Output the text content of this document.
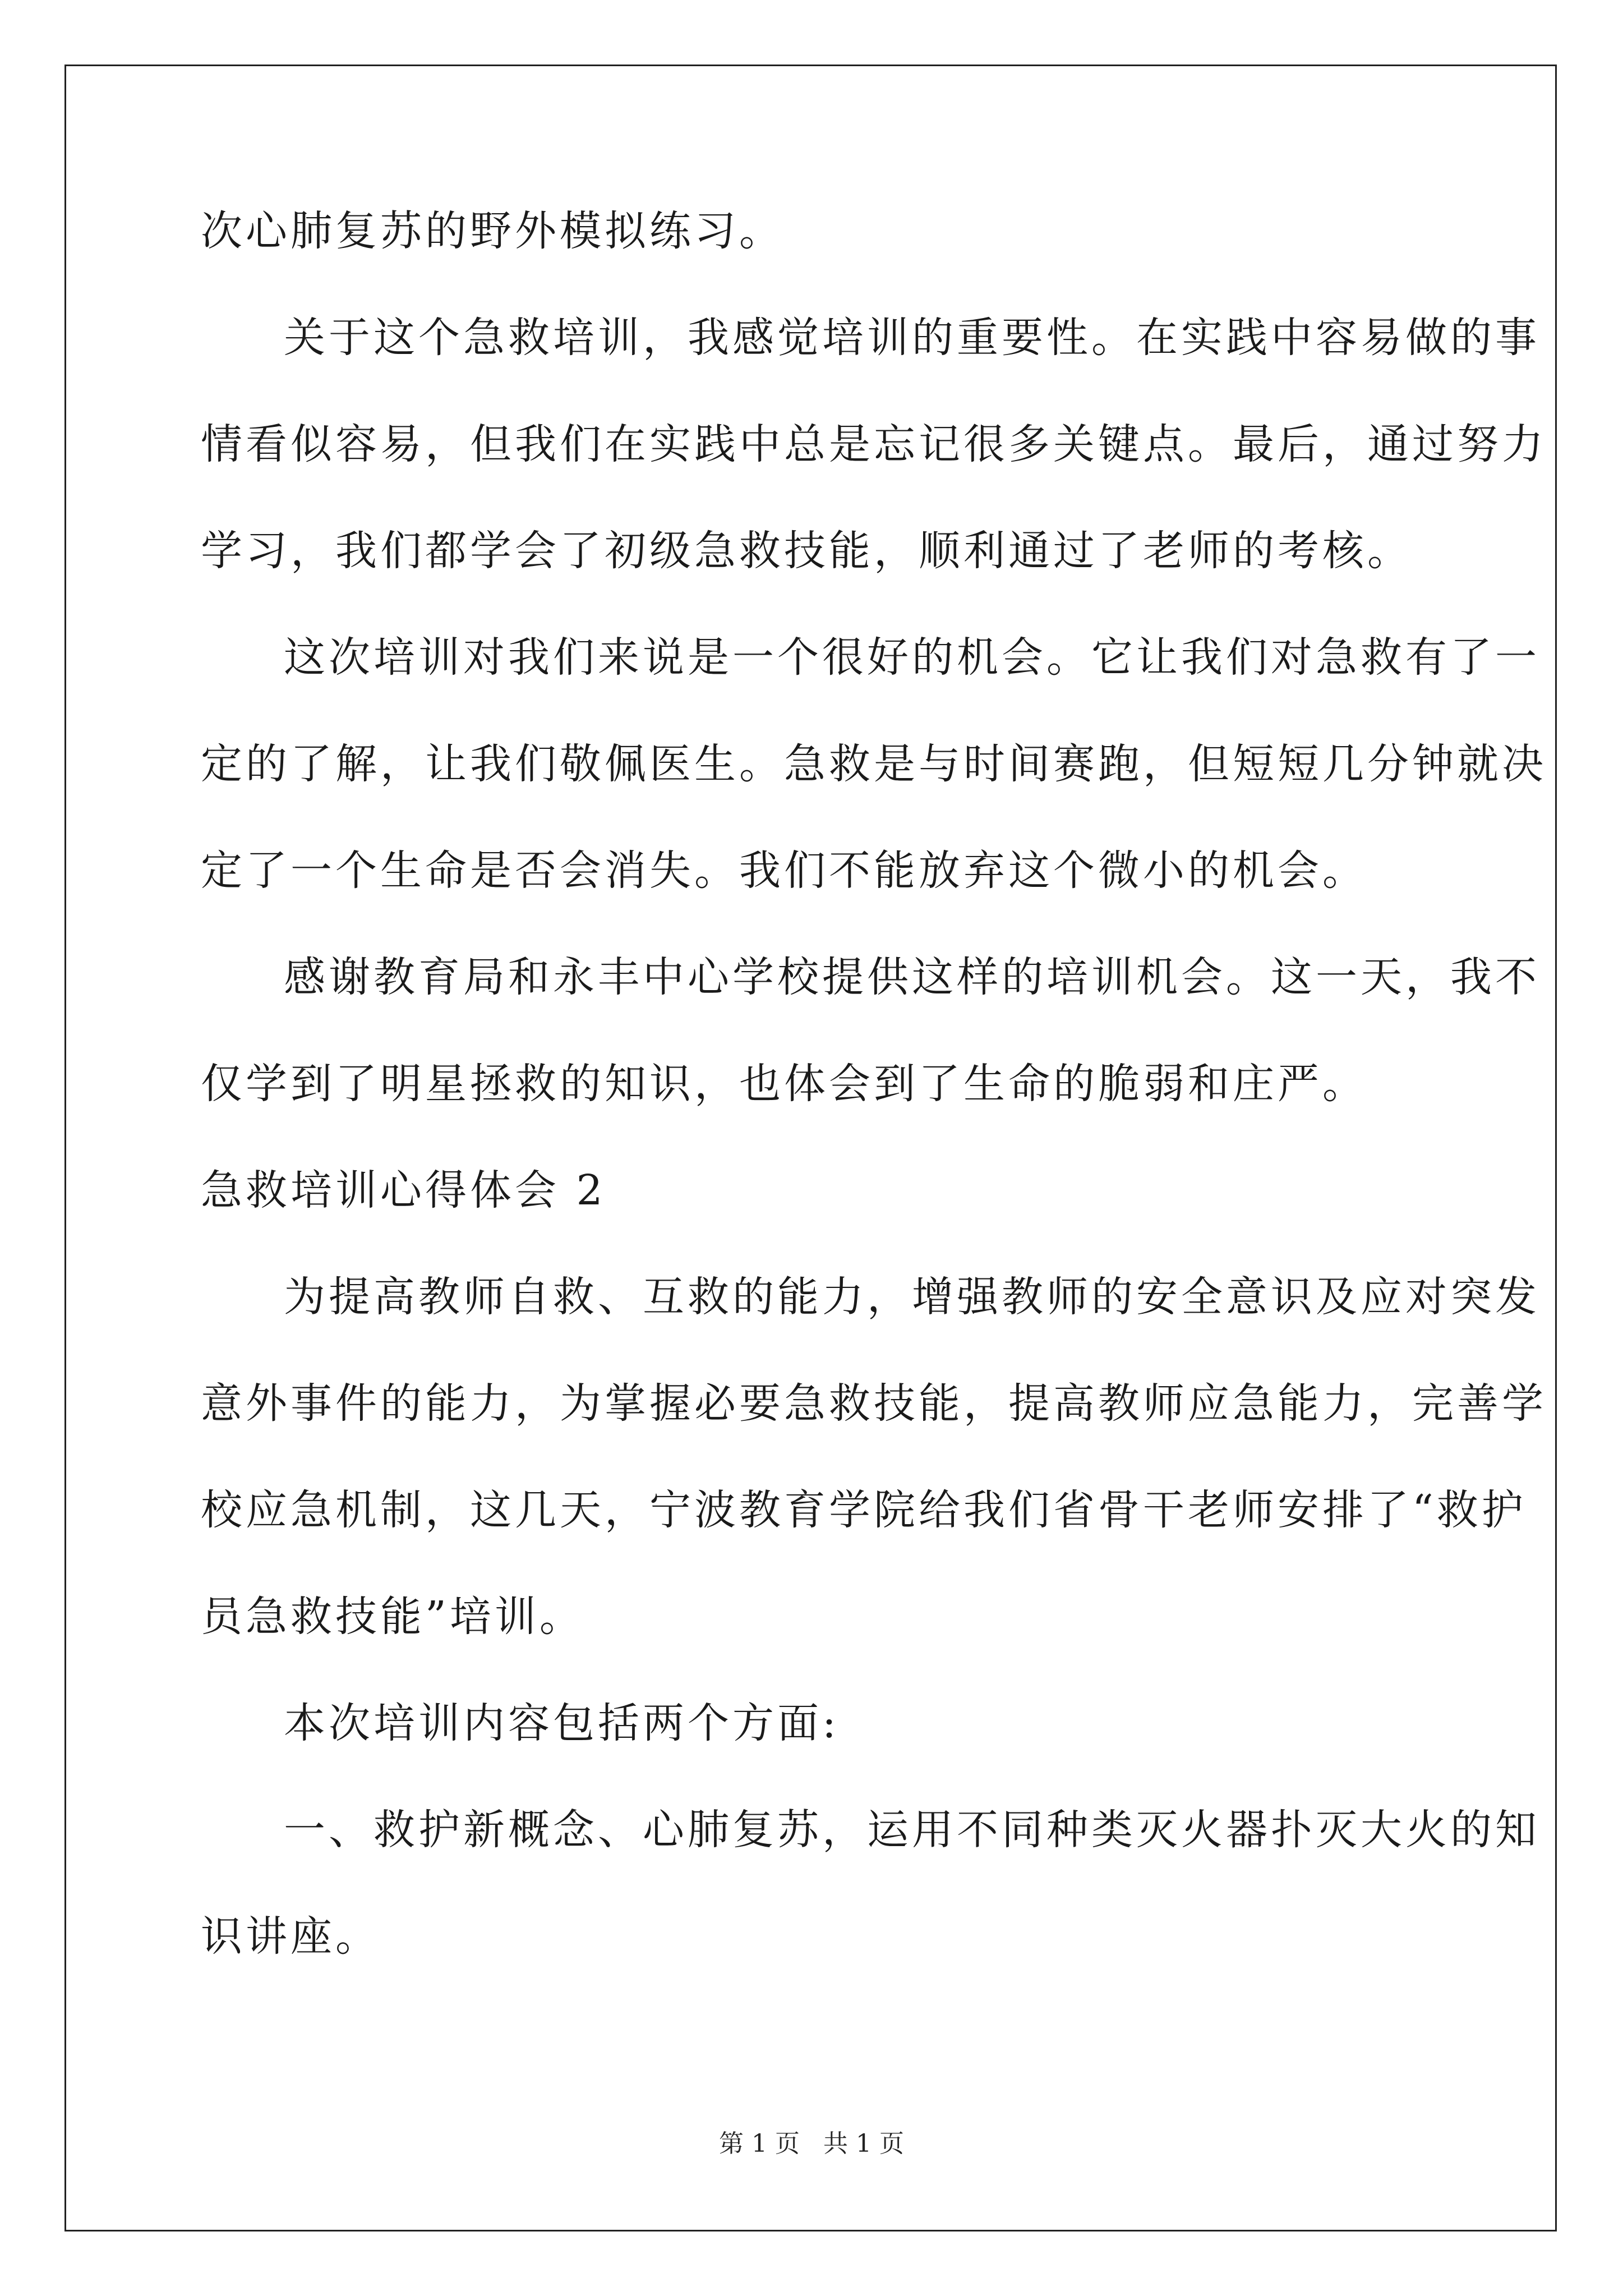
次心肺复苏的野外模拟练习。
关于这个急救培训，我感觉培训的重要性。在实践中容易做的事
情看似容易，但我们在实践中总是忘记很多关键点。最后，通过努力
学习，我们都学会了初级急救技能，顺利通过了老师的考核。
这次培训对我们来说是一个很好的机会。它让我们对急救有了一
定的了解，让我们敬佩医生。急救是与时间赛跑，但短短几分钟就决
定了一个生命是否会消失。我们不能放弃这个微小的机会。
感谢教育局和永丰中心学校提供这样的培训机会。这一天，我不
仅学到了明星拯救的知识，也体会到了生命的脆弱和庄严。
急救培训心得体会 2
为提高教师自救、互救的能力，增强教师的安全意识及应对突发
意外事件的能力，为掌握必要急救技能，提高教师应急能力，完善学
校应急机制，这几天，宁波教育学院给我们省骨干老师安排了“救护
员急救技能”培训。
本次培训内容包括两个方面:
一、救护新概念、心肺复苏，运用不同种类灭火器扑灭大火的知
识讲座。
第 1 页   共 1 页
